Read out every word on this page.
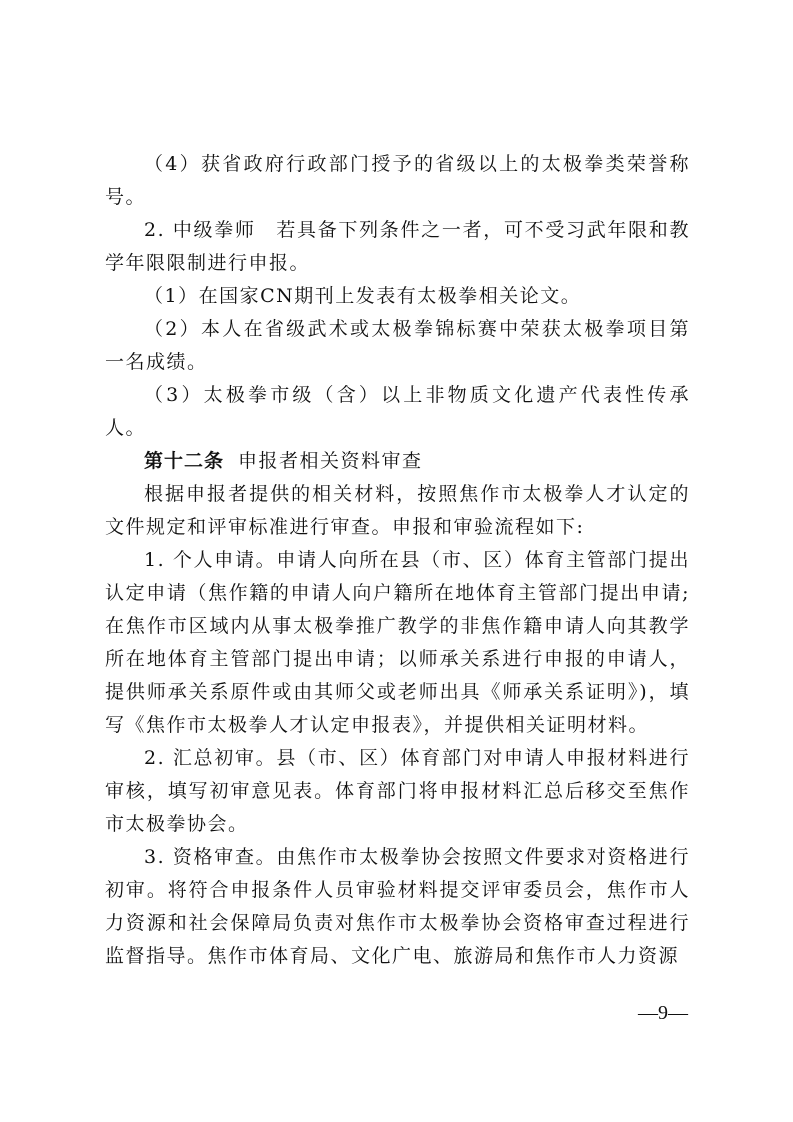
（4）获省政府行政部门授予的省级以上的太极拳类荣誉称号。

2. 中级拳师　若具备下列条件之一者，可不受习武年限和教学年限限制进行申报。

（1）在国家CN期刊上发表有太极拳相关论文。

（2）本人在省级武术或太极拳锦标赛中荣获太极拳项目第一名成绩。

（3）太极拳市级（含）以上非物质文化遗产代表性传承人。

第十二条 申报者相关资料审查

根据申报者提供的相关材料，按照焦作市太极拳人才认定的文件规定和评审标准进行审查。申报和审验流程如下:

1. 个人申请。申请人向所在县（市、区）体育主管部门提出认定申请（焦作籍的申请人向户籍所在地体育主管部门提出申请;在焦作市区域内从事太极拳推广教学的非焦作籍申请人向其教学所在地体育主管部门提出申请；以师承关系进行申报的申请人，提供师承关系原件或由其师父或老师出具《师承关系证明》)，填写《焦作市太极拳人才认定申报表》，并提供相关证明材料。

2. 汇总初审。县（市、区）体育部门对申请人申报材料进行审核，填写初审意见表。体育部门将申报材料汇总后移交至焦作市太极拳协会。

3. 资格审查。由焦作市太极拳协会按照文件要求对资格进行初审。将符合申报条件人员审验材料提交评审委员会，焦作市人力资源和社会保障局负责对焦作市太极拳协会资格审查过程进行监督指导。焦作市体育局、文化广电、旅游局和焦作市人力资源

—9—
